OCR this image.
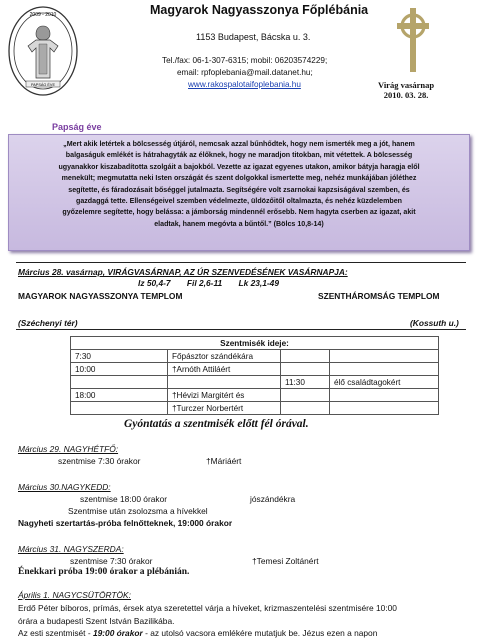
2009 - 2010
PAPSÁG ÉVE
Magyarok Nagyasszonya Főplébánia
1153 Budapest, Bácska u. 3.
Tel./fax: 06-1-307-6315; mobil: 06203574229;
email: rpfoplebania@mail.datanet.hu;
www.rakospalotaifoplebania.hu	Virág vasárnap
2010. 03. 28.
Papság éve
„Mert akik letértek a bölcsesség útjáról, nemcsak azzal bűnhődtek, hogy nem ismerték meg a jót, hanem
balgaságuk emlékét is hátrahagyták az élőknek, hogy ne maradjon titokban, mit vétettek. A bölcsesség
ugyanakkor kiszabadította szolgáit a bajokból. Vezette az igazat egyenes utakon, amikor bátyja haragja elől
menekült; megmutatta neki Isten országát és szent dolgokkal ismertette meg, nehéz munkájában jóléthez
segítette, és fáradozásait bőséggel jutalmazta. Segítségére volt zsarnokai kapzsiságával szemben, és
gazdaggá tette. Ellenségeivel szemben védelmezte, üldözőitől oltalmazta, és nehéz küzdelemben
győzelemre segítette, hogy belássa: a jámborság mindennél erősebb. Nem hagyta cserben az igazat, akit
eladtak, hanem megóvta a bűntől.” (Bölcs 10,8-14)
Március 28. vasárnap, VIRÁGVASÁRNAP, AZ ÚR SZENVEDÉSÉNEK VASÁRNAPJA:
Iz 50,4-7 Fil 2,6-11 Lk 23,1-49
MAGYAROK NAGYASSZONYA TEMPLOM	SZENTHÁROMSÁG TEMPLOM
(Széchenyi tér)	(Kossuth u.)
Szentmisék ideje:			
7:30	Főpásztor szándékára		
10:00	†Arnóth Attiláért		
		11:30	élő családtagokért
18:00	†Hévizi Margitért és		
	†Turczer Norbertért		
Gyóntatás a szentmisék előtt fél órával.
Március 29. NAGYHÉTFŐ:
szentmise 7:30 órakor	†Máriáért
Március 30.NAGYKEDD:
szentmise 18:00 órakor	jószándékra
Szentmise után zsolozsma a hívekkel
Nagyheti szertartás-próba felnőtteknek, 19:000 órakor
Március 31. NAGYSZERDA:
szentmise 7:30 órakor	†Temesi Zoltánért
Énekkari próba 19:00 órakor a plébánián.
Április 1. NAGYCSÜTÖRTÖK:
Erdő Péter bíboros, prímás, érsek atya szeretettel várja a híveket, krizmaszentelési szentmisére 10:00
órára a budapesti Szent István Bazilikába.
Az esti szentmisét - 19:00 órakor - az utolsó vacsora emlékére mutatjuk be. Jézus ezen a napon
